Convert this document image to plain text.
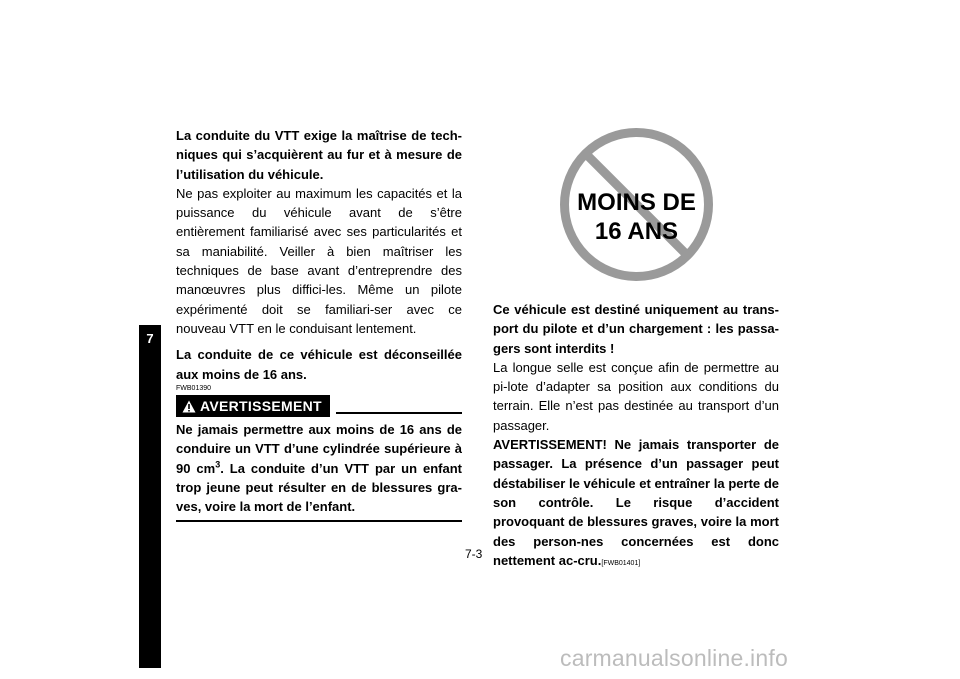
7

La conduite du VTT exige la maîtrise de tech-niques qui s’acquièrent au fur et à mesure de l’utilisation du véhicule.

Ne pas exploiter au maximum les capacités et la puissance du véhicule avant de s’être entièrement familiarisé avec ses particularités et sa maniabilité. Veiller à bien maîtriser les techniques de base avant d’entreprendre des manœuvres plus diffici-les. Même un pilote expérimenté doit se familiari-ser avec ce nouveau VTT en le conduisant lentement.

La conduite de ce véhicule est déconseillée aux moins de 16 ans.

FWB01390

AVERTISSEMENT

Ne jamais permettre aux moins de 16 ans de conduire un VTT d’une cylindrée supérieure à 90 $cm^3$. La conduite d’un VTT par un enfant trop jeune peut résulter en de blessures gra-ves, voire la mort de l’enfant.

MOINS DE
16 ANS

Ce véhicule est destiné uniquement au trans-port du pilote et d’un chargement : les passa-gers sont interdits !

La longue selle est conçue afin de permettre au pi-lote d’adapter sa position aux conditions du terrain. Elle n’est pas destinée au transport d’un passager.

AVERTISSEMENT! Ne jamais transporter de passager. La présence d’un passager peut déstabiliser le véhicule et entraîner la perte de son contrôle. Le risque d’accident provoquant de blessures graves, voire la mort des person-nes concernées est donc nettement ac-cru.[FWB01401]

7-3
carmanualsonline.info
